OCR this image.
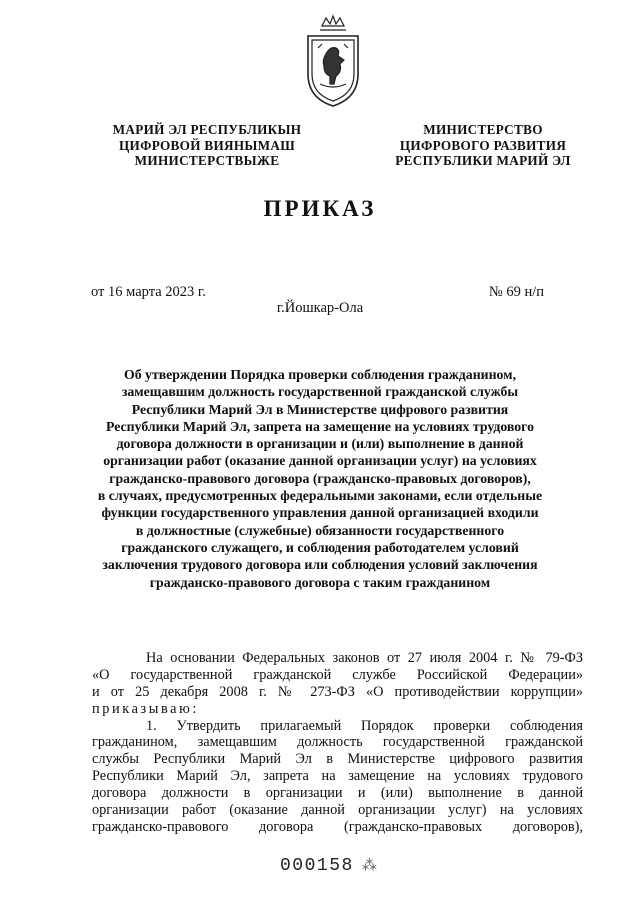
МАРИЙ ЭЛ РЕСПУБЛИКЫН
ЦИФРОВОЙ ВИЯНЫМАШ
МИНИСТЕРСТВЫЖЕ
МИНИСТЕРСТВО
ЦИФРОВОГО РАЗВИТИЯ
РЕСПУБЛИКИ МАРИЙ ЭЛ
ПРИКАЗ
от 16 марта 2023 г.	№ 69 н/п
г.Йошкар-Ола
Об утверждении Порядка проверки соблюдения гражданином,
замещавшим должность государственной гражданской службы
Республики Марий Эл в Министерстве цифрового развития
Республики Марий Эл, запрета на замещение на условиях трудового
договора должности в организации и (или) выполнение в данной
организации работ (оказание данной организации услуг) на условиях
гражданско-правового договора (гражданско-правовых договоров),
в случаях, предусмотренных федеральными законами, если отдельные
функции государственного управления данной организацией входили
в должностные (служебные) обязанности государственного
гражданского служащего, и соблюдения работодателем условий
заключения трудового договора или соблюдения условий заключения
гражданско-правового договора с таким гражданином
На основании Федеральных законов от 27 июля 2004 г. № 79-ФЗ
«О государственной гражданской службе Российской Федерации»
и от 25 декабря 2008 г. № 273-ФЗ «О противодействии коррупции»
приказываю:
1. Утвердить прилагаемый Порядок проверки соблюдения
гражданином, замещавшим должность государственной гражданской
службы Республики Марий Эл в Министерстве цифрового развития
Республики Марий Эл, запрета на замещение на условиях трудового
договора должности в организации и (или) выполнение в данной
организации работ (оказание данной организации услуг) на условиях
гражданско-правового договора (гражданско-правовых договоров),
000158 ⁂
